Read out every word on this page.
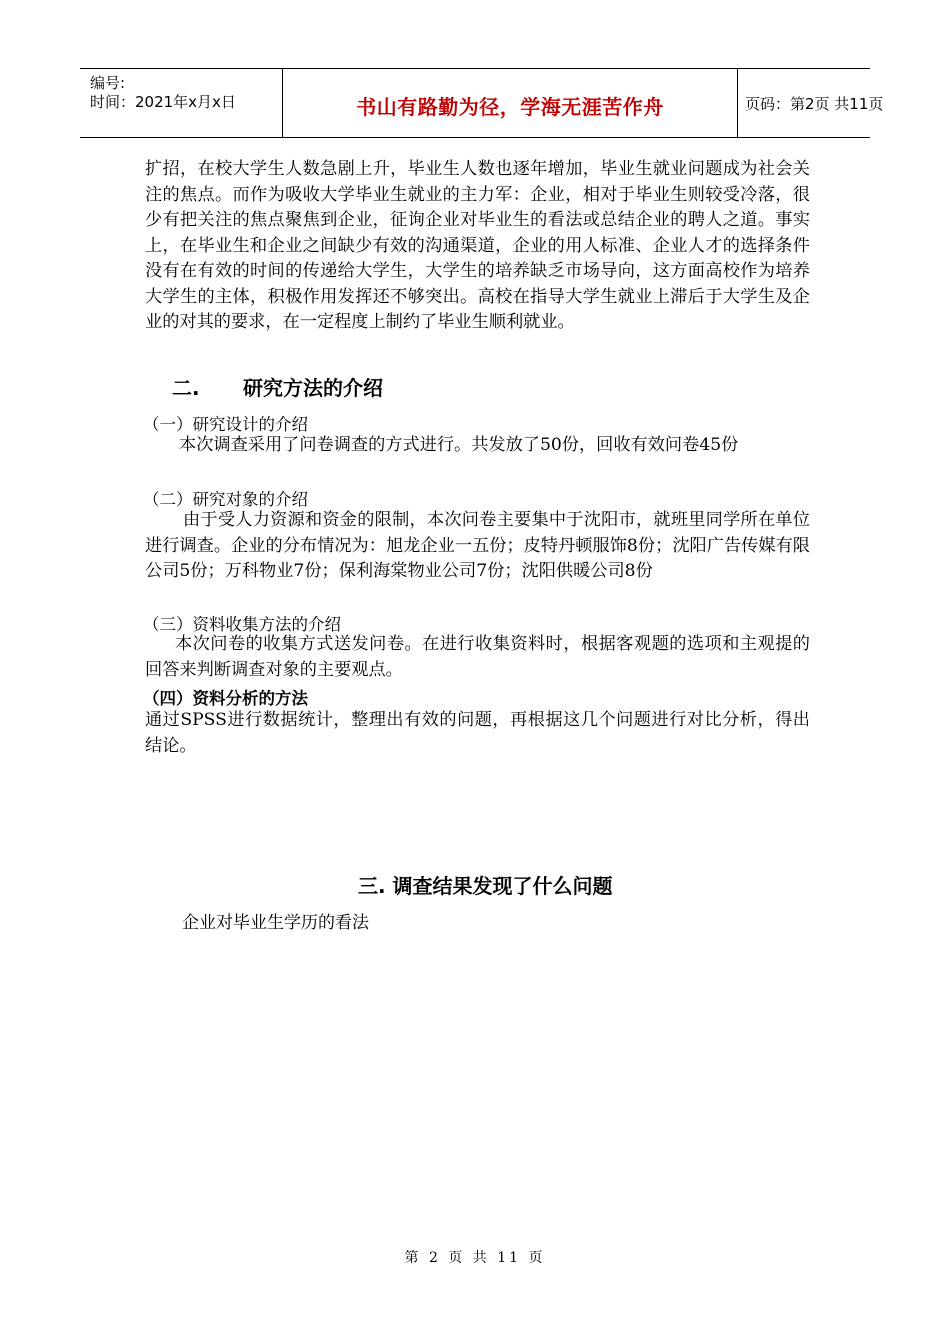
编号:
时间：2021年x月x日	书山有路勤为径，学海无涯苦作舟	页码：第2页 共11页

扩招，在校大学生人数急剧上升，毕业生人数也逐年增加，毕业生就业问题成为社会关注的焦点。而作为吸收大学毕业生就业的主力军：企业，相对于毕业生则较受冷落，很少有把关注的焦点聚焦到企业，征询企业对毕业生的看法或总结企业的聘人之道。事实上，在毕业生和企业之间缺少有效的沟通渠道，企业的用人标准、企业人才的选择条件没有在有效的时间的传递给大学生，大学生的培养缺乏市场导向，这方面高校作为培养大学生的主体，积极作用发挥还不够突出。高校在指导大学生就业上滞后于大学生及企业的对其的要求，在一定程度上制约了毕业生顺利就业。

二. 研究方法的介绍
（一）研究设计的介绍

本次调查采用了问卷调查的方式进行。共发放了50份，回收有效问卷45份

（二）研究对象的介绍

由于受人力资源和资金的限制，本次问卷主要集中于沈阳市，就班里同学所在单位进行调查。企业的分布情况为：旭龙企业一五份；皮特丹顿服饰8份；沈阳广告传媒有限公司5份；万科物业7份；保利海棠物业公司7份；沈阳供暖公司8份

（三）资料收集方法的介绍

本次问卷的收集方式送发问卷。在进行收集资料时，根据客观题的选项和主观提的回答来判断调查对象的主要观点。

（四）资料分析的方法

通过SPSS进行数据统计，整理出有效的问题，再根据这几个问题进行对比分析，得出结论。

三. 调查结果发现了什么问题
企业对毕业生学历的看法
第 2 页 共 11 页
